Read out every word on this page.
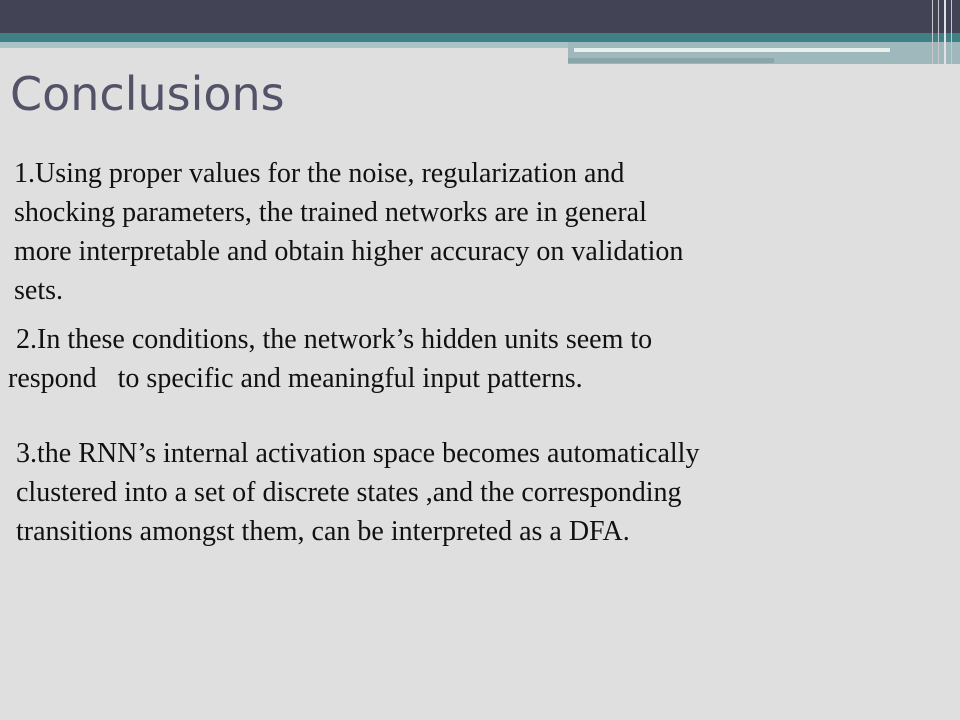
Conclusions

1.Using proper values for the noise, regularization and
shocking parameters, the trained networks are in general
more interpretable and obtain higher accuracy on validation
sets.

2.In these conditions, the network’s hidden units seem to
respond   to specific and meaningful input patterns.

3.the RNN’s internal activation space becomes automatically
clustered into a set of discrete states ,and the corresponding
transitions amongst them, can be interpreted as a DFA.
